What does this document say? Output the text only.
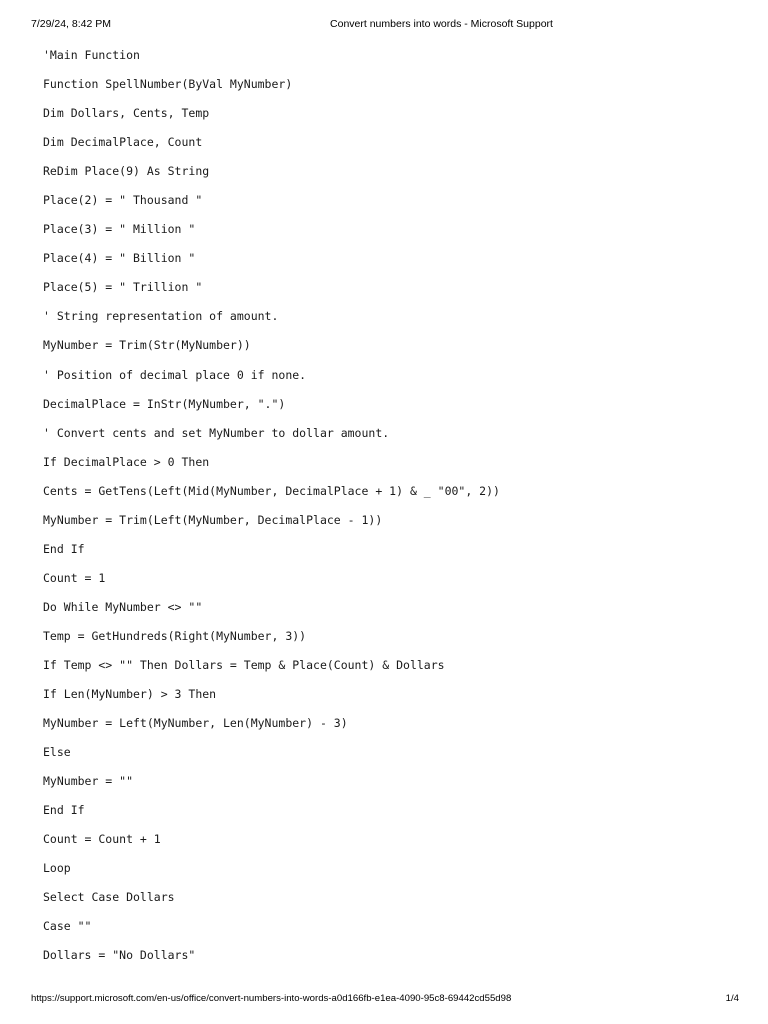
7/29/24, 8:42 PM	Convert numbers into words - Microsoft Support
'Main Function
Function SpellNumber(ByVal MyNumber)
Dim Dollars, Cents, Temp
Dim DecimalPlace, Count
ReDim Place(9) As String
Place(2) = " Thousand "
Place(3) = " Million "
Place(4) = " Billion "
Place(5) = " Trillion "
' String representation of amount.
MyNumber = Trim(Str(MyNumber))
' Position of decimal place 0 if none.
DecimalPlace = InStr(MyNumber, ".")
' Convert cents and set MyNumber to dollar amount.
If DecimalPlace > 0 Then
Cents = GetTens(Left(Mid(MyNumber, DecimalPlace + 1) & _ "00", 2))
MyNumber = Trim(Left(MyNumber, DecimalPlace - 1))
End If
Count = 1
Do While MyNumber <> ""
Temp = GetHundreds(Right(MyNumber, 3))
If Temp <> "" Then Dollars = Temp & Place(Count) & Dollars
If Len(MyNumber) > 3 Then
MyNumber = Left(MyNumber, Len(MyNumber) - 3)
Else
MyNumber = ""
End If
Count = Count + 1
Loop
Select Case Dollars
Case ""
Dollars = "No Dollars"
https://support.microsoft.com/en-us/office/convert-numbers-into-words-a0d166fb-e1ea-4090-95c8-69442cd55d98	1/4
